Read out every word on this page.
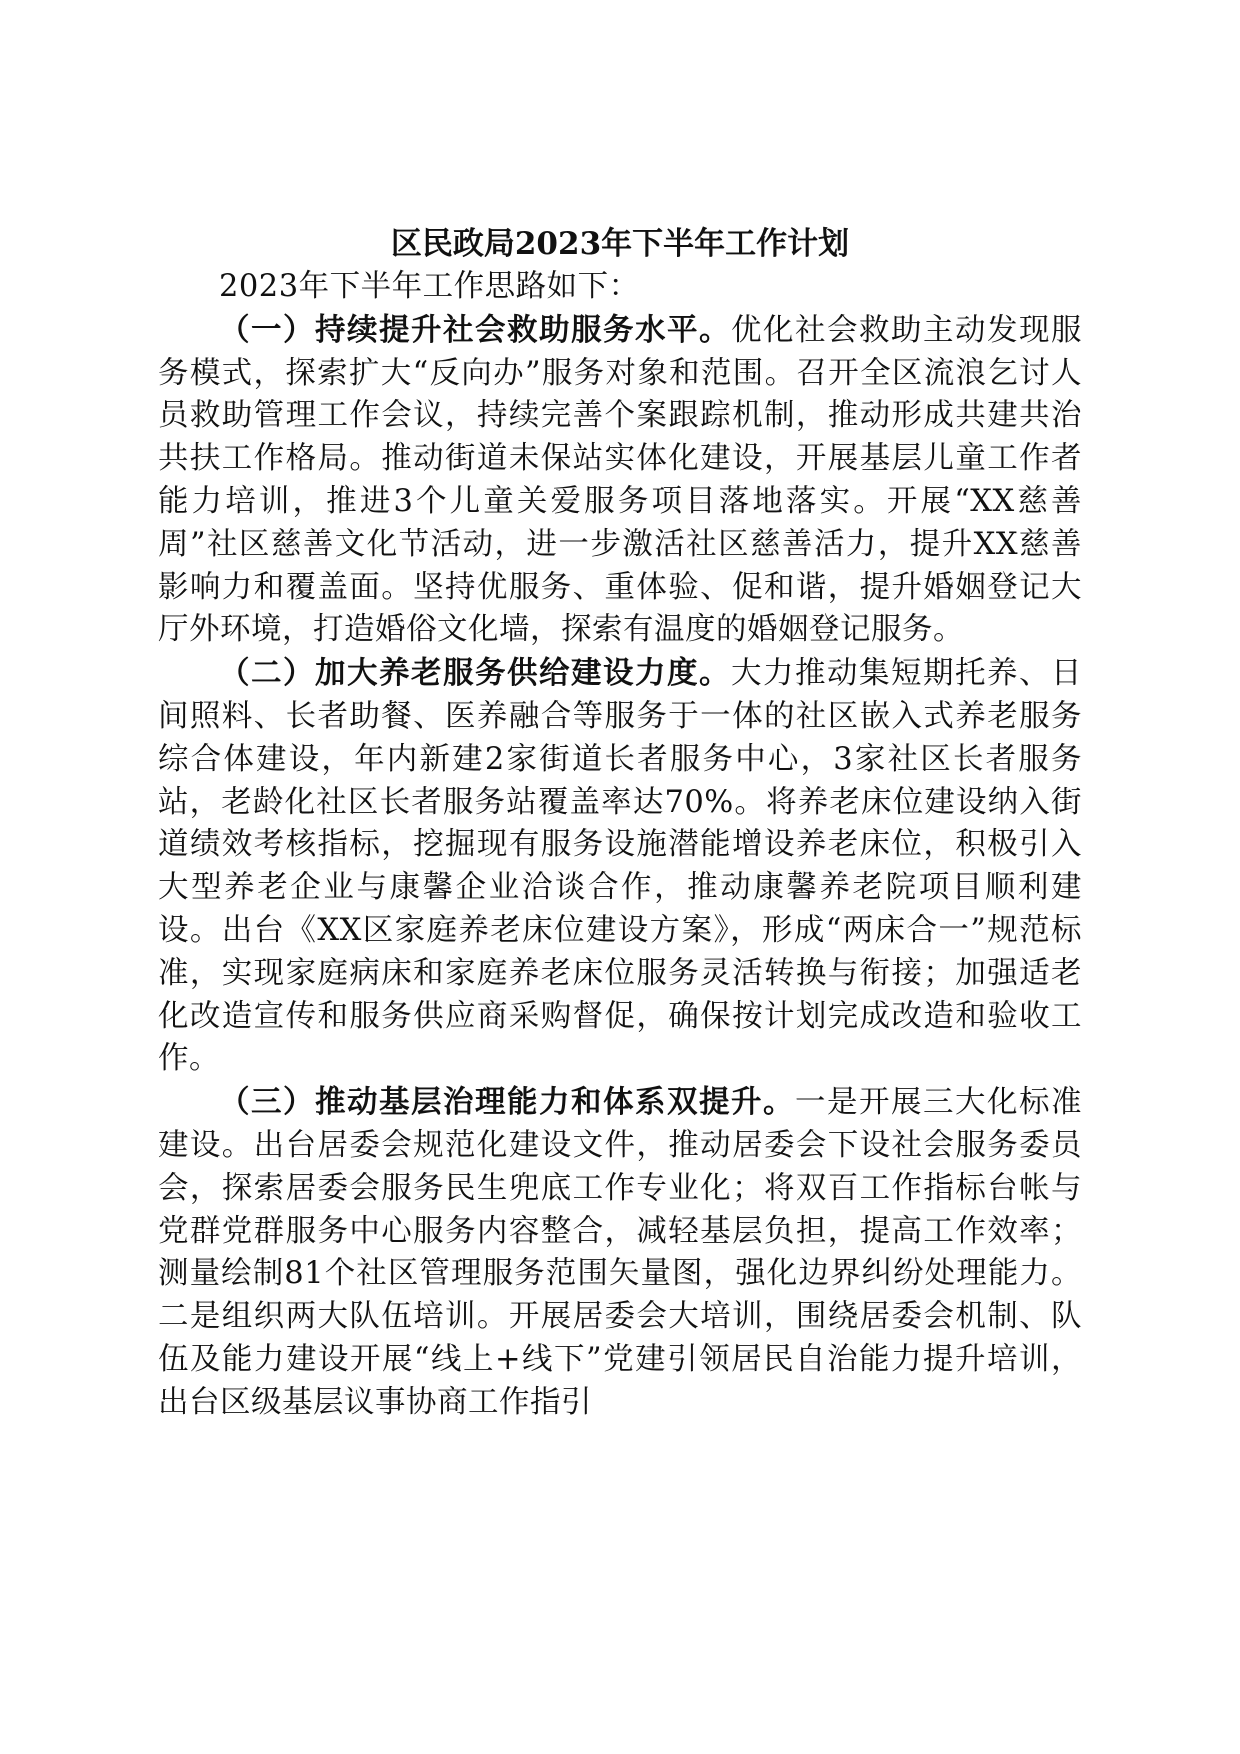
区民政局2023年下半年工作计划

2023年下半年工作思路如下：

（一）持续提升社会救助服务水平。优化社会救助主动发现服务模式，探索扩大“反向办”服务对象和范围。召开全区流浪乞讨人员救助管理工作会议，持续完善个案跟踪机制，推动形成共建共治共扶工作格局。推动街道未保站实体化建设，开展基层儿童工作者能力培训，推进3个儿童关爱服务项目落地落实。开展“XX慈善周”社区慈善文化节活动，进一步激活社区慈善活力，提升XX慈善影响力和覆盖面。坚持优服务、重体验、促和谐，提升婚姻登记大厅外环境，打造婚俗文化墙，探索有温度的婚姻登记服务。

（二）加大养老服务供给建设力度。大力推动集短期托养、日间照料、长者助餐、医养融合等服务于一体的社区嵌入式养老服务综合体建设，年内新建2家街道长者服务中心，3家社区长者服务站，老龄化社区长者服务站覆盖率达70%。将养老床位建设纳入街道绩效考核指标，挖掘现有服务设施潜能增设养老床位，积极引入大型养老企业与康馨企业洽谈合作，推动康馨养老院项目顺利建设。出台《XX区家庭养老床位建设方案》，形成“两床合一”规范标准，实现家庭病床和家庭养老床位服务灵活转换与衔接；加强适老化改造宣传和服务供应商采购督促，确保按计划完成改造和验收工作。

（三）推动基层治理能力和体系双提升。一是开展三大化标准建设。出台居委会规范化建设文件，推动居委会下设社会服务委员会，探索居委会服务民生兜底工作专业化；将双百工作指标台帐与党群党群服务中心服务内容整合，减轻基层负担，提高工作效率；测量绘制81个社区管理服务范围矢量图，强化边界纠纷处理能力。二是组织两大队伍培训。开展居委会大培训，围绕居委会机制、队伍及能力建设开展“线上+线下”党建引领居民自治能力提升培训，出台区级基层议事协商工作指引
